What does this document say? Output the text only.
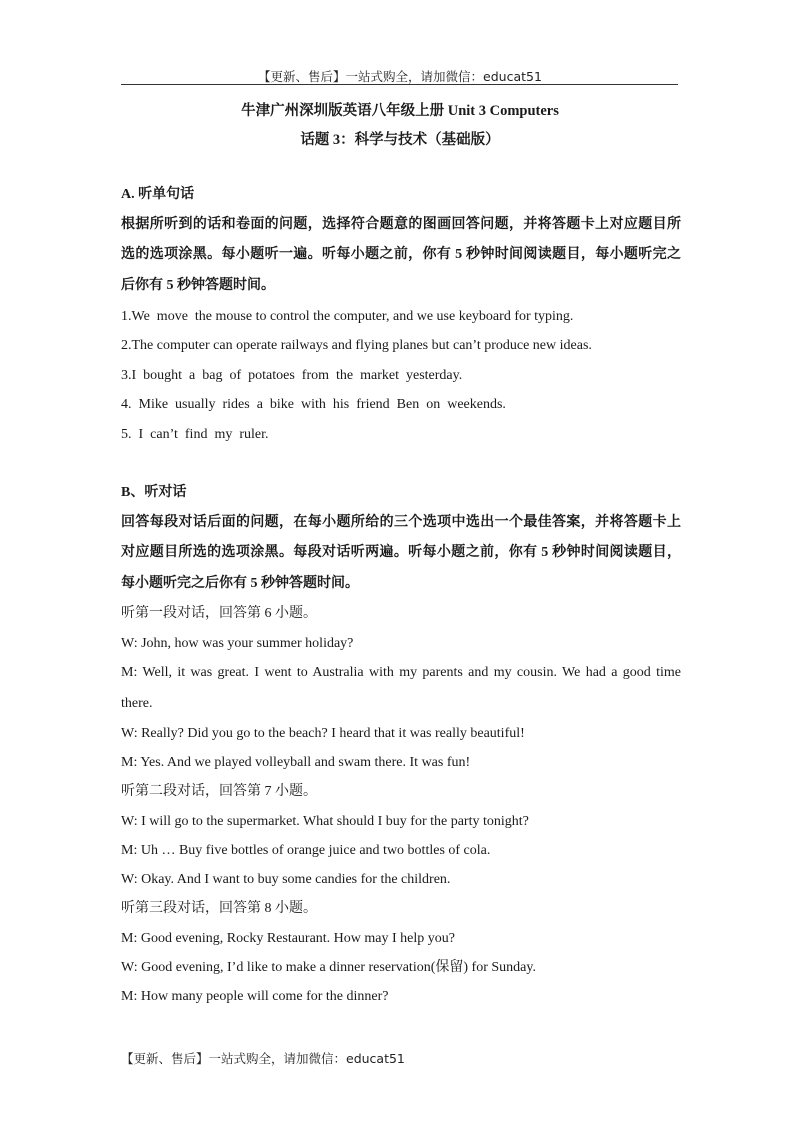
【更新、售后】一站式购全，请加微信：educat51
牛津广州深圳版英语八年级上册 Unit 3 Computers
话题 3：科学与技术（基础版）
A. 听单句话
根据所听到的话和卷面的问题，选择符合题意的图画回答问题，并将答题卡上对应题目所
选的选项涂黑。每小题听一遍。听每小题之前，你有 5 秒钟时间阅读题目，每小题听完之
后你有 5 秒钟答题时间。
1.We  move  the mouse to control the computer, and we use keyboard for typing.
2.The computer can operate railways and flying planes but can’t produce new ideas.
3.I  bought  a  bag  of  potatoes  from  the  market  yesterday.
4.  Mike  usually  rides  a  bike  with  his  friend  Ben  on  weekends.
5.  I  can’t  find  my  ruler.
B、听对话
回答每段对话后面的问题，在每小题所给的三个选项中选出一个最佳答案，并将答题卡上
对应题目所选的选项涂黑。每段对话听两遍。听每小题之前，你有 5 秒钟时间阅读题目，
每小题听完之后你有 5 秒钟答题时间。
听第一段对话，回答第 6 小题。
W: John, how was your summer holiday?
M: Well, it was great. I went to Australia with my parents and my cousin. We had a good time
there.
W: Really? Did you go to the beach? I heard that it was really beautiful!
M: Yes. And we played volleyball and swam there. It was fun!
听第二段对话，回答第 7 小题。
W: I will go to the supermarket. What should I buy for the party tonight?
M: Uh … Buy five bottles of orange juice and two bottles of cola.
W: Okay. And I want to buy some candies for the children.
听第三段对话，回答第 8 小题。
M: Good evening, Rocky Restaurant. How may I help you?
W: Good evening, I’d like to make a dinner reservation(保留) for Sunday.
M: How many people will come for the dinner?
【更新、售后】一站式购全，请加微信：educat51
